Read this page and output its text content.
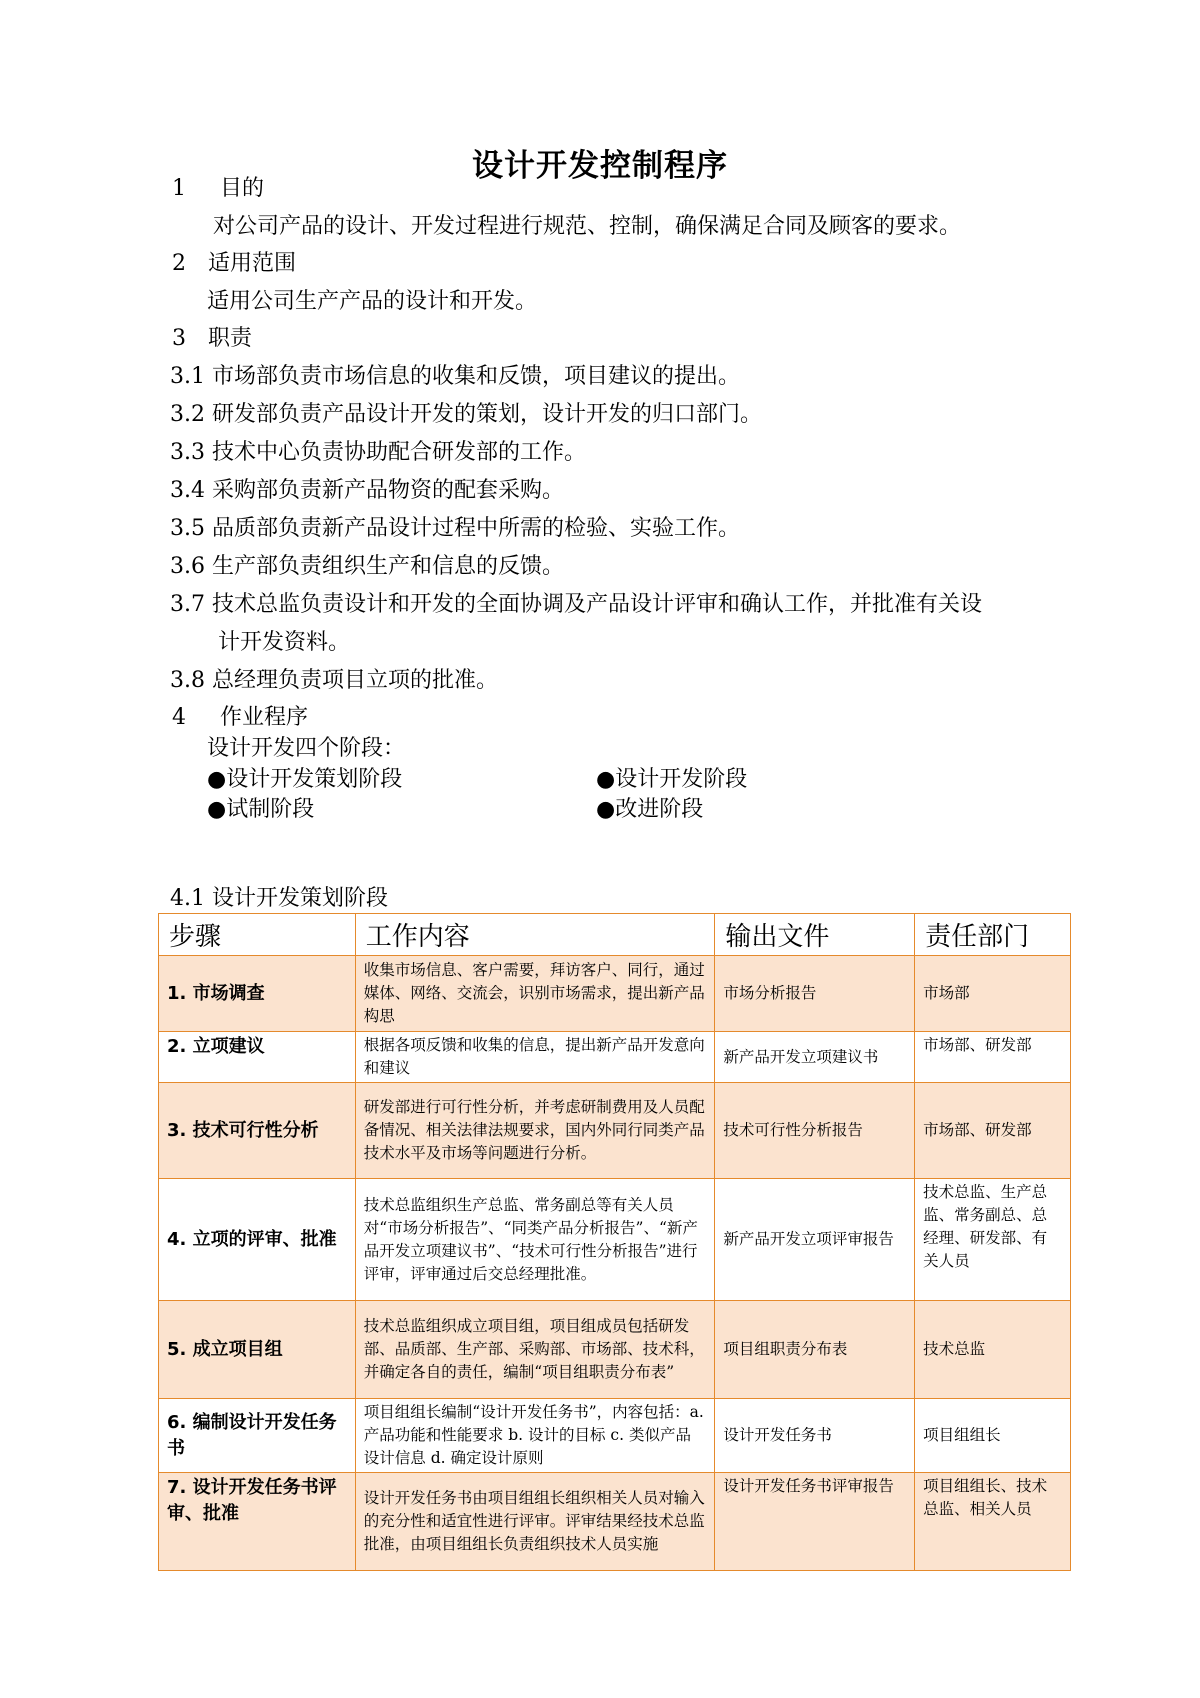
设计开发控制程序
1 目的
对公司产品的设计、开发过程进行规范、控制，确保满足合同及顾客的要求。
2 适用范围
适用公司生产产品的设计和开发。
3 职责
3.1 市场部负责市场信息的收集和反馈，项目建议的提出。
3.2 研发部负责产品设计开发的策划，设计开发的归口部门。
3.3 技术中心负责协助配合研发部的工作。
3.4 采购部负责新产品物资的配套采购。
3.5 品质部负责新产品设计过程中所需的检验、实验工作。
3.6 生产部负责组织生产和信息的反馈。
3.7 技术总监负责设计和开发的全面协调及产品设计评审和确认工作，并批准有关设
计开发资料。
3.8 总经理负责项目立项的批准。
4 作业程序
设计开发四个阶段：
●设计开发策划阶段	●设计开发阶段
●试制阶段	●改进阶段
4.1 设计开发策划阶段
步骤	工作内容	输出文件	责任部门
1. 市场调查	收集市场信息、客户需要，拜访客户、同行，通过媒体、网络、交流会，识别市场需求，提出新产品构思	市场分析报告	市场部
2. 立项建议	根据各项反馈和收集的信息，提出新产品开发意向和建议	新产品开发立项建议书	市场部、研发部
3. 技术可行性分析	研发部进行可行性分析，并考虑研制费用及人员配备情况、相关法律法规要求，国内外同行同类产品技术水平及市场等问题进行分析。	技术可行性分析报告	市场部、研发部
4. 立项的评审、批准	技术总监组织生产总监、常务副总等有关人员对“市场分析报告”、“同类产品分析报告”、“新产品开发立项建议书”、“技术可行性分析报告”进行评审，评审通过后交总经理批准。	新产品开发立项评审报告	技术总监、生产总监、常务副总、总经理、研发部、有关人员
5. 成立项目组	技术总监组织成立项目组，项目组成员包括研发部、品质部、生产部、采购部、市场部、技术科，并确定各自的责任，编制“项目组职责分布表”	项目组职责分布表	技术总监
6. 编制设计开发任务书	项目组组长编制“设计开发任务书”，内容包括：a. 产品功能和性能要求 b. 设计的目标 c. 类似产品设计信息 d. 确定设计原则	设计开发任务书	项目组组长
7. 设计开发任务书评审、批准	设计开发任务书由项目组组长组织相关人员对输入的充分性和适宜性进行评审。评审结果经技术总监批准，由项目组组长负责组织技术人员实施	设计开发任务书评审报告	项目组组长、技术总监、相关人员
